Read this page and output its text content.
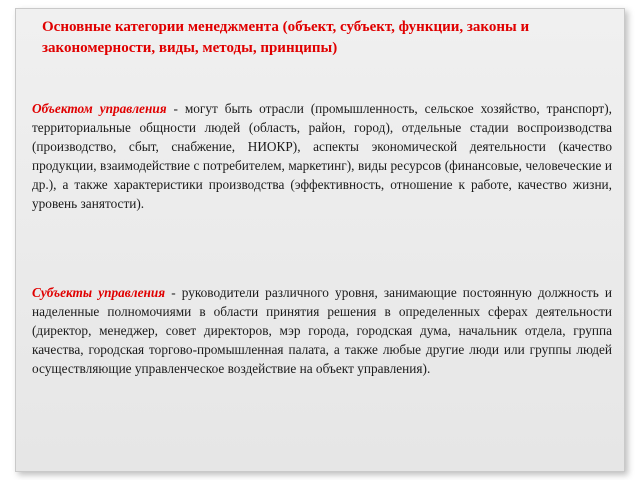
Основные категории менеджмента (объект, субъект, функции, законы и закономерности, виды, методы, принципы)

Объектом управления - могут быть отрасли (промышленность, сельское хозяйство, транспорт), территориальные общности людей (область, район, город), отдельные стадии воспроизводства (производство, сбыт, снабжение, НИОКР), аспекты экономической деятельности (качество продукции, взаимодействие с потребителем, маркетинг), виды ресурсов (финансовые, человеческие и др.), а также характеристики производства (эффективность, отношение к работе, качество жизни, уровень занятости).

Субъекты управления - руководители различного уровня, занимающие постоянную должность и наделенные полномочиями в области принятия решения в определенных сферах деятельности (директор, менеджер, совет директоров, мэр города, городская дума, начальник отдела, группа качества, городская торгово-промышленная палата, а также любые другие люди или группы людей осуществляющие управленческое воздействие на объект управления).
